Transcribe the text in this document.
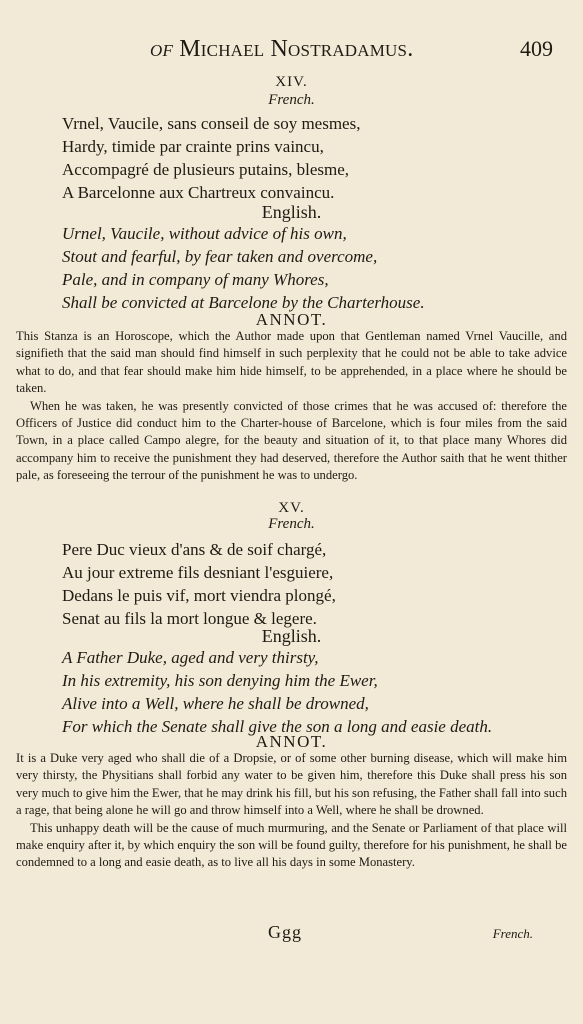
of Michael Nostradamus.	409
XIV.
French.
Vrnel, Vaucile, sans conseil de soy mesmes,
Hardy, timide par crainte prins vaincu,
Accompagré de plusieurs putains, blesme,
A Barcelonne aux Chartreux convaincu.
English.
Urnel, Vaucile, without advice of his own,
Stout and fearful, by fear taken and overcome,
Pale, and in company of many Whores,
Shall be convicted at Barcelone by the Charterhouse.
ANNOT.

This Stanza is an Horoscope, which the Author made upon that Gentleman named Vrnel Vaucille, and signifieth that the said man should find himself in such perplexity that he could not be able to take advice what to do, and that fear should make him hide himself, to be apprehended, in a place where he should be taken.

When he was taken, he was presently convicted of those crimes that he was accused of: therefore the Officers of Justice did conduct him to the Charter-house of Barcelone, which is four miles from the said Town, in a place called Campo alegre, for the beauty and situation of it, to that place many Whores did accompany him to receive the punishment they had deserved, therefore the Author saith that he went thither pale, as foreseeing the terrour of the punishment he was to undergo.

XV.
French.
Pere Duc vieux d'ans & de soif chargé,
Au jour extreme fils desniant l'esguiere,
Dedans le puis vif, mort viendra plongé,
Senat au fils la mort longue & legere.
English.
A Father Duke, aged and very thirsty,
In his extremity, his son denying him the Ewer,
Alive into a Well, where he shall be drowned,
For which the Senate shall give the son a long and easie death.
ANNOT.

It is a Duke very aged who shall die of a Dropsie, or of some other burning disease, which will make him very thirsty, the Physitians shall forbid any water to be given him, therefore this Duke shall press his son very much to give him the Ewer, that he may drink his fill, but his son refusing, the Father shall fall into such a rage, that being alone he will go and throw himself into a Well, where he shall be drowned.

This unhappy death will be the cause of much murmuring, and the Senate or Parliament of that place will make enquiry after it, by which enquiry the son will be found guilty, therefore for his punishment, he shall be condemned to a long and easie death, as to live all his days in some Monastery.

Ggg	French.
